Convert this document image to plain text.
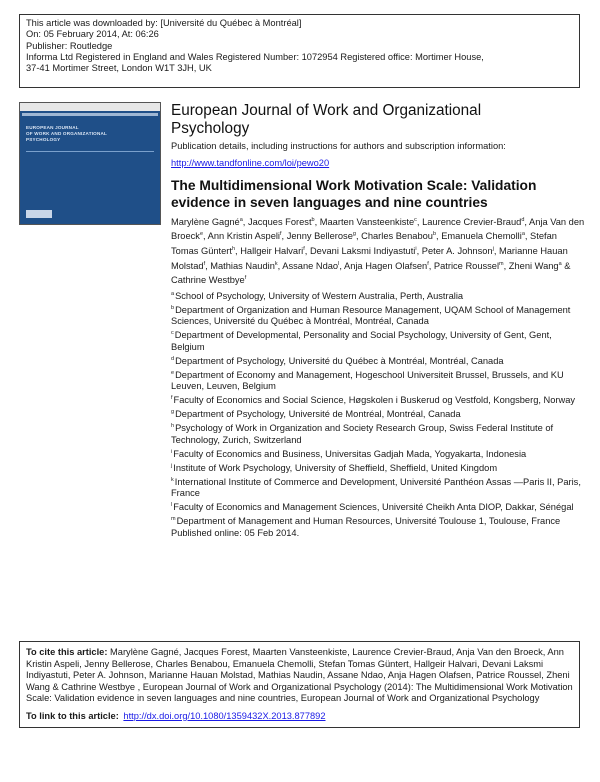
This article was downloaded by: [Université du Québec à Montréal]
On: 05 February 2014, At: 06:26
Publisher: Routledge
Informa Ltd Registered in England and Wales Registered Number: 1072954 Registered office: Mortimer House,
37-41 Mortimer Street, London W1T 3JH, UK
EUROPEAN JOURNAL
OF WORK AND ORGANIZATIONAL
PSYCHOLOGY
European Journal of Work and Organizational
Psychology
Publication details, including instructions for authors and subscription information:
http://www.tandfonline.com/loi/pewo20
The Multidimensional Work Motivation Scale: Validation evidence in seven languages and nine countries
Marylène Gagné$^a$, Jacques Forest$^b$, Maarten Vansteenkiste$^c$, Laurence Crevier-Braud$^d$, Anja Van den Broeck$^e$, Ann Kristin Aspeli$^f$, Jenny Bellerose$^g$, Charles Benabou$^b$, Emanuela Chemolli$^a$, Stefan Tomas Güntert$^h$, Hallgeir Halvari$^f$, Devani Laksmi Indiyastuti$^i$, Peter A. Johnson$^j$, Marianne Hauan Molstad$^f$, Mathias Naudin$^k$, Assane Ndao$^l$, Anja Hagen Olafsen$^f$, Patrice Roussel$^m$, Zheni Wang$^a$ & Cathrine Westbye$^f$
$^a$School of Psychology, University of Western Australia, Perth, Australia
$^b$Department of Organization and Human Resource Management, UQAM School of Management Sciences, Université du Québec à Montréal, Montréal, Canada
$^c$Department of Developmental, Personality and Social Psychology, University of Gent, Gent, Belgium
$^d$Department of Psychology, Université du Québec à Montréal, Montréal, Canada
$^e$Department of Economy and Management, Hogeschool Universiteit Brussel, Brussels, and KU Leuven, Leuven, Belgium
$^f$Faculty of Economics and Social Science, Høgskolen i Buskerud og Vestfold, Kongsberg, Norway
$^g$Department of Psychology, Université de Montréal, Montréal, Canada
$^h$Psychology of Work in Organization and Society Research Group, Swiss Federal Institute of Technology, Zurich, Switzerland
$^i$Faculty of Economics and Business, Universitas Gadjah Mada, Yogyakarta, Indonesia
$^j$Institute of Work Psychology, University of Sheffield, Sheffield, United Kingdom
$^k$International Institute of Commerce and Development, Université Panthéon Assas —Paris II, Paris, France
$^l$Faculty of Economics and Management Sciences, Université Cheikh Anta DIOP, Dakkar, Sénégal
$^m$Department of Management and Human Resources, Université Toulouse 1, Toulouse, France
Published online: 05 Feb 2014.
To cite this article: Marylène Gagné, Jacques Forest, Maarten Vansteenkiste, Laurence Crevier-Braud, Anja Van den Broeck, Ann Kristin Aspeli, Jenny Bellerose, Charles Benabou, Emanuela Chemolli, Stefan Tomas Güntert, Hallgeir Halvari, Devani Laksmi Indiyastuti, Peter A. Johnson, Marianne Hauan Molstad, Mathias Naudin, Assane Ndao, Anja Hagen Olafsen, Patrice Roussel, Zheni Wang & Cathrine Westbye , European Journal of Work and Organizational Psychology (2014): The Multidimensional Work Motivation Scale: Validation evidence in seven languages and nine countries, European Journal of Work and Organizational Psychology
To link to this article: http://dx.doi.org/10.1080/1359432X.2013.877892
